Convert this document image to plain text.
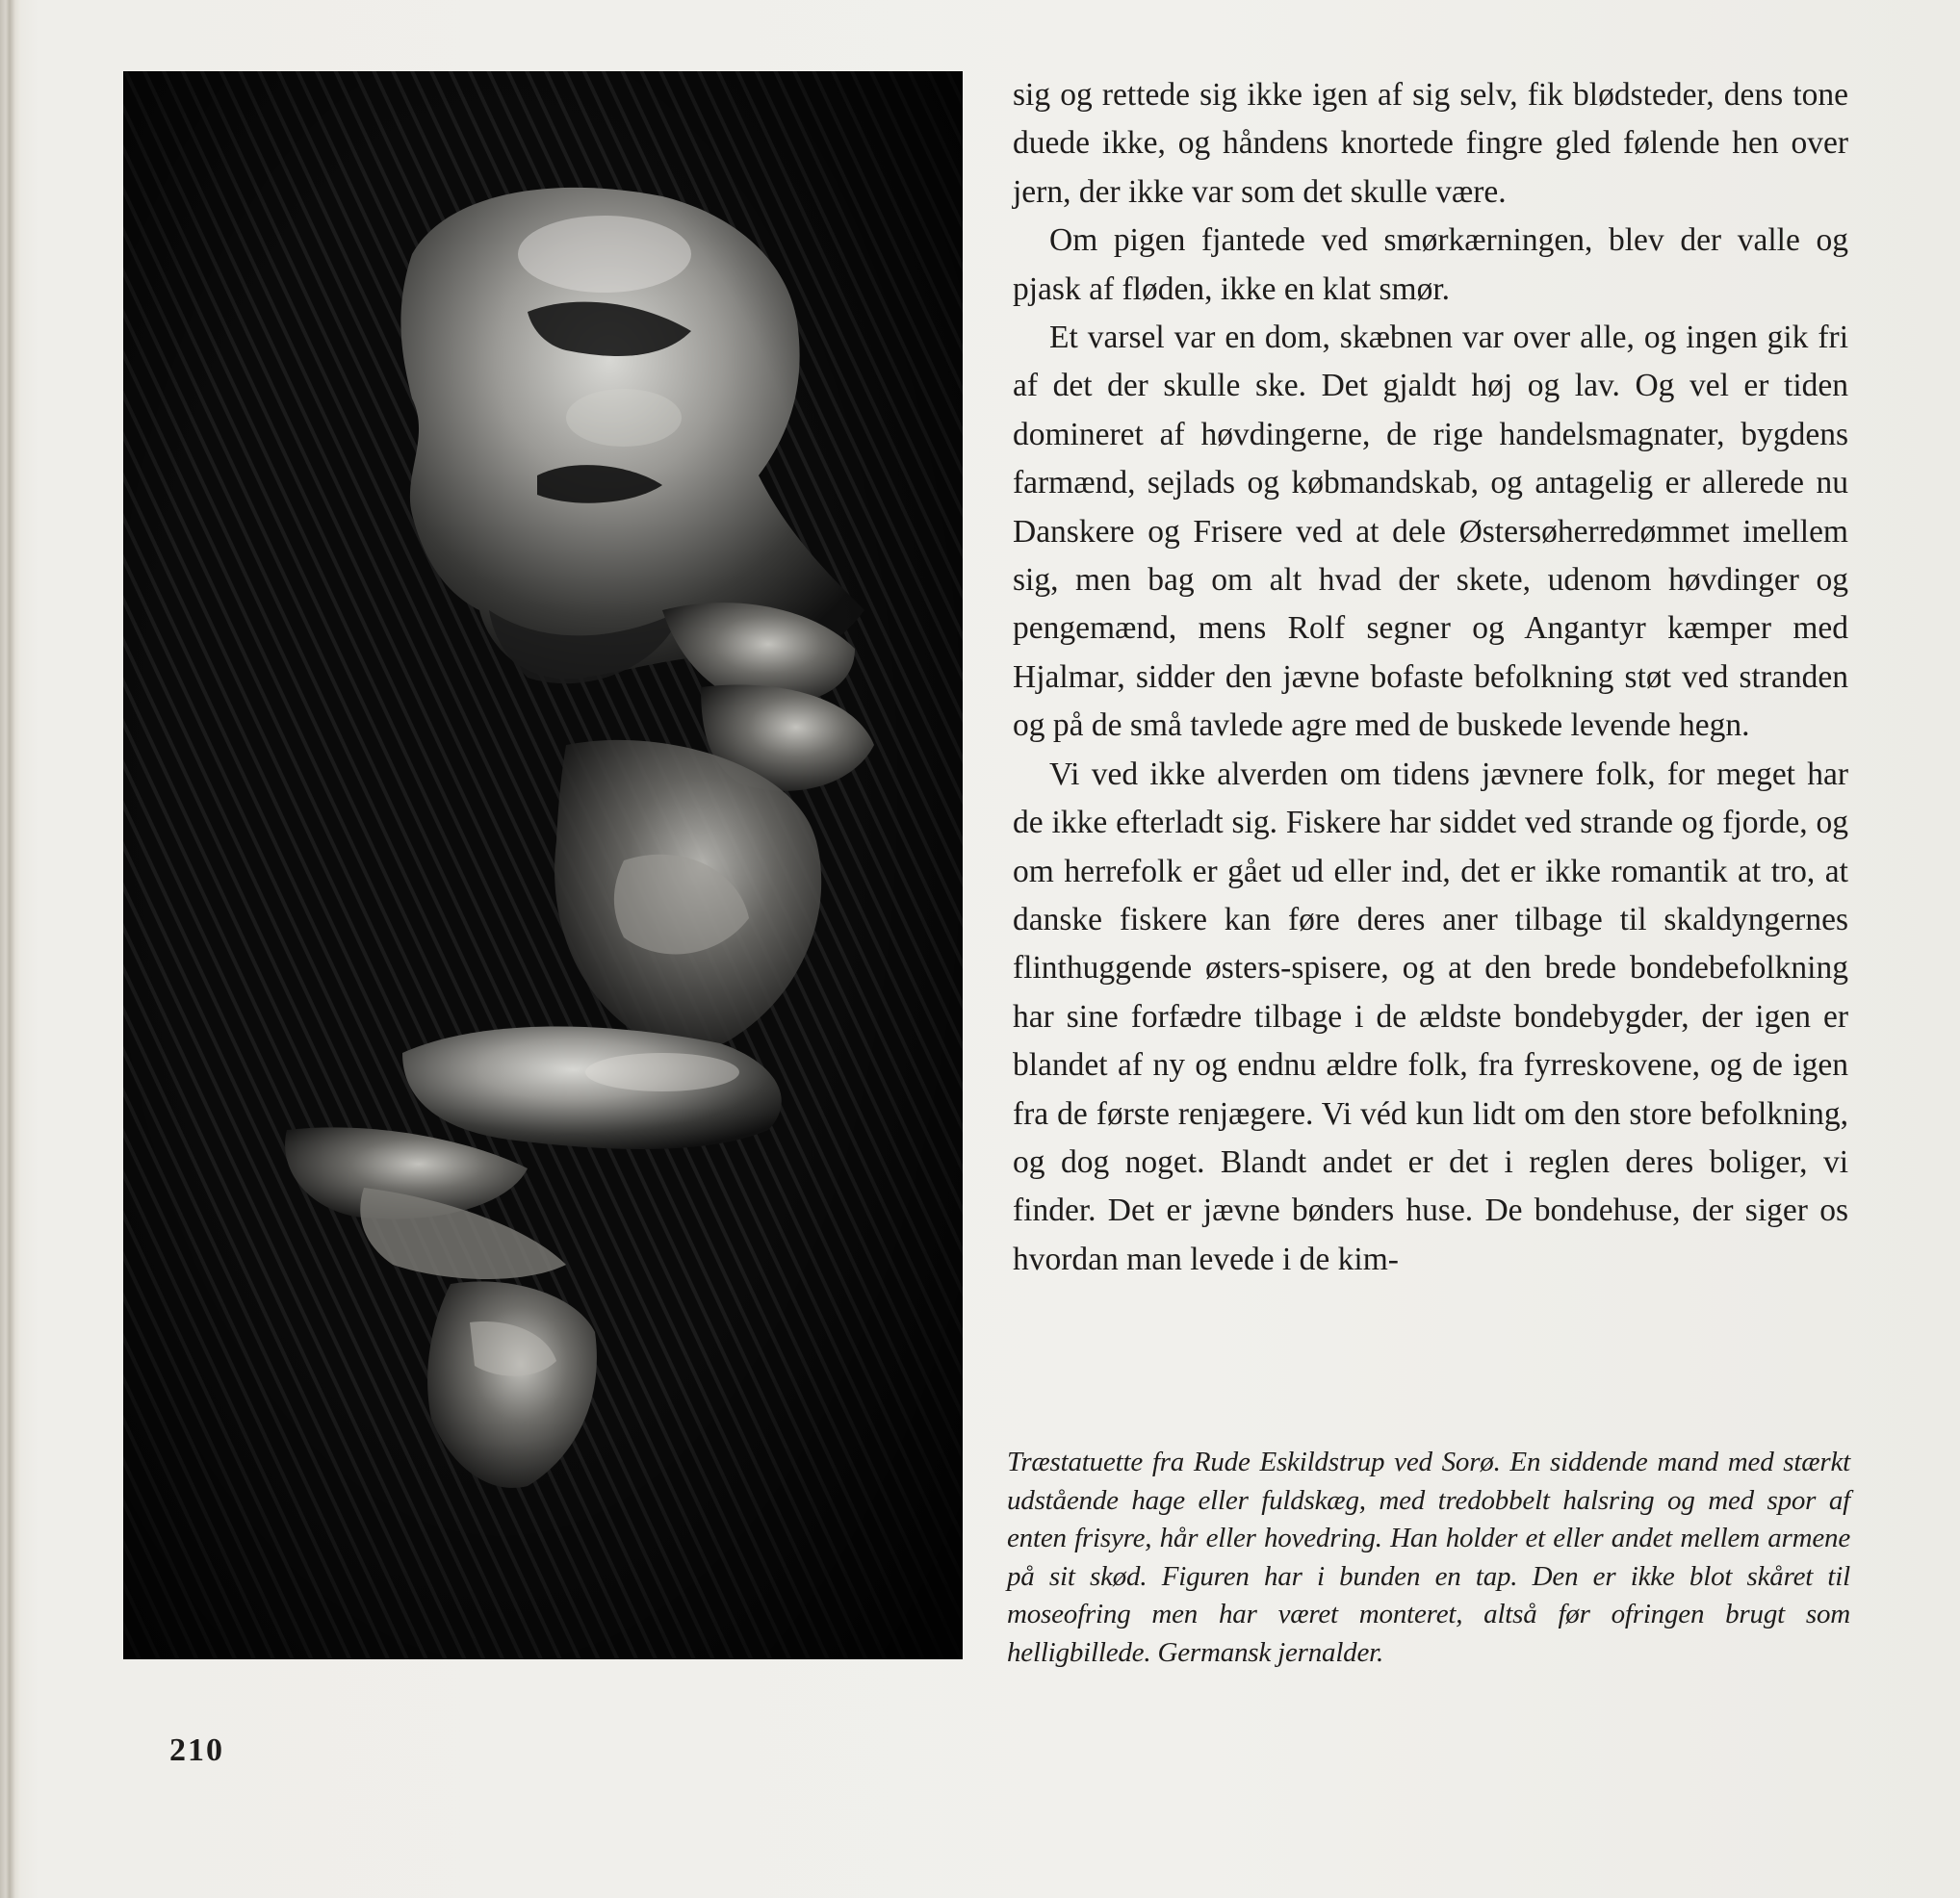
sig og rettede sig ikke igen af sig selv, fik blødsteder, dens tone duede ikke, og håndens knortede fingre gled følende hen over jern, der ikke var som det skulle være.

Om pigen fjantede ved smørkærningen, blev der valle og pjask af fløden, ikke en klat smør.

Et varsel var en dom, skæbnen var over alle, og ingen gik fri af det der skulle ske. Det gjaldt høj og lav. Og vel er tiden domineret af høvdingerne, de rige handelsmagnater, bygdens farmænd, sejlads og købmandskab, og antagelig er allerede nu Danskere og Frisere ved at dele Østersøherredømmet imellem sig, men bag om alt hvad der skete, udenom høvdinger og pengemænd, mens Rolf segner og Angantyr kæmper med Hjalmar, sidder den jævne bofaste befolkning støt ved stranden og på de små tavlede agre med de buskede levende hegn.

Vi ved ikke alverden om tidens jævnere folk, for meget har de ikke efterladt sig. Fiskere har siddet ved strande og fjorde, og om herrefolk er gået ud eller ind, det er ikke romantik at tro, at danske fiskere kan føre deres aner tilbage til skaldyngernes flinthuggende østers-spisere, og at den brede bondebefolkning har sine forfædre tilbage i de ældste bondebygder, der igen er blandet af ny og endnu ældre folk, fra fyrreskovene, og de igen fra de første renjægere. Vi véd kun lidt om den store befolkning, og dog noget. Blandt andet er det i reglen deres boliger, vi finder. Det er jævne bønders huse. De bondehuse, der siger os hvordan man levede i de kim-

Træstatuette fra Rude Eskildstrup ved Sorø. En siddende mand med stærkt udstående hage eller fuldskæg, med tredobbelt halsring og med spor af enten frisyre, hår eller hovedring. Han holder et eller andet mellem armene på sit skød. Figuren har i bunden en tap. Den er ikke blot skåret til moseofring men har været monteret, altså før ofringen brugt som helligbillede. Germansk jernalder.
210
